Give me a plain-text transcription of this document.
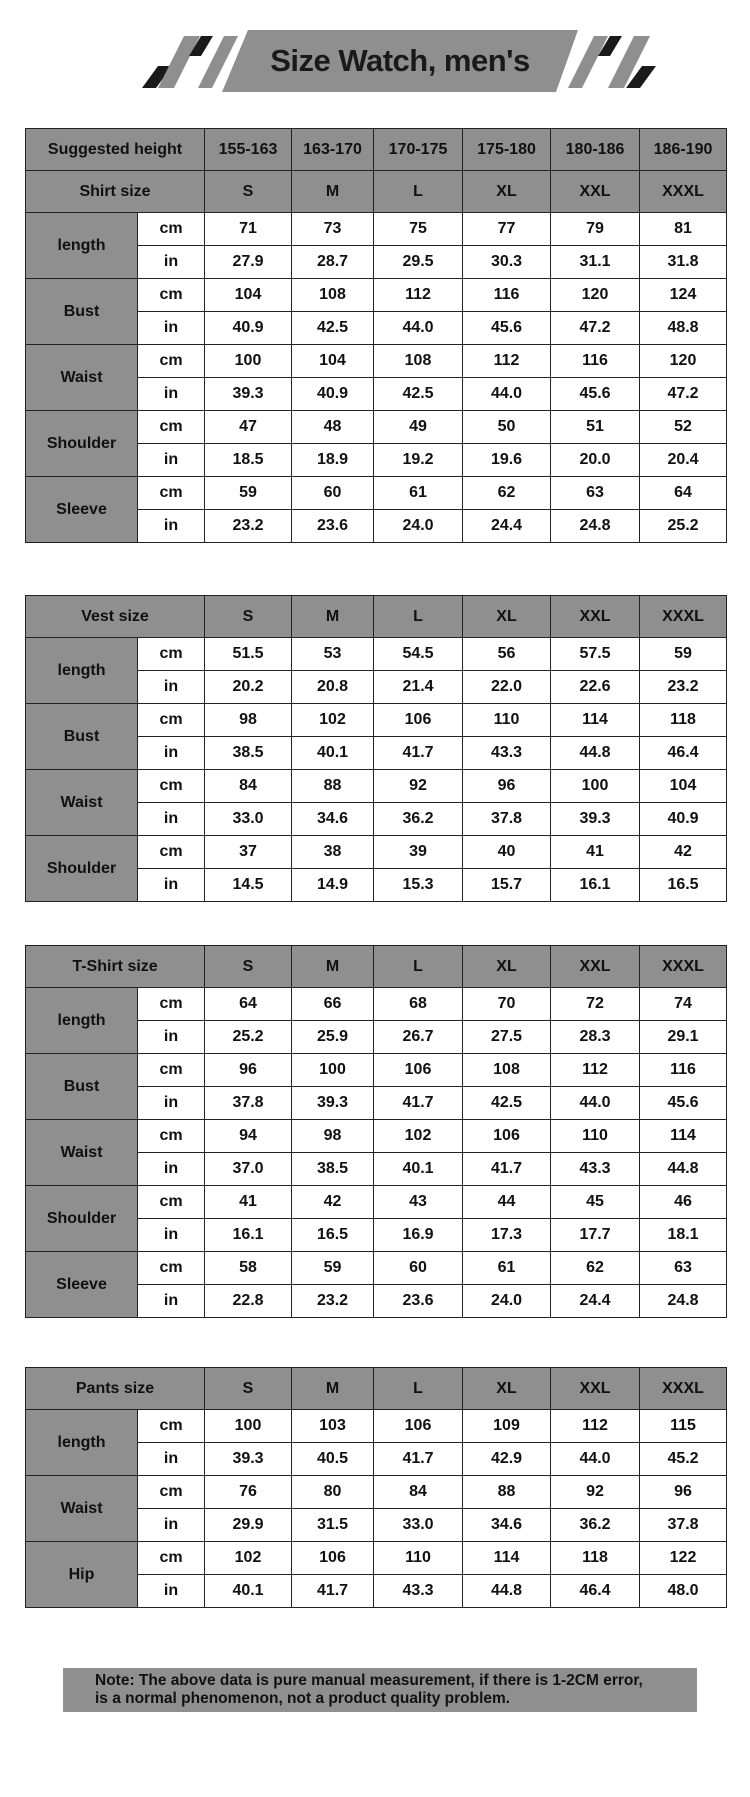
Size Watch, men's
Suggested height		155-163	163-170	170-175	175-180	180-186	186-190
Shirt size		S	M	L	XL	XXL	XXXL
length	cm	71	73	75	77	79	81
	in	27.9	28.7	29.5	30.3	31.1	31.8
Bust	cm	104	108	112	116	120	124
	in	40.9	42.5	44.0	45.6	47.2	48.8
Waist	cm	100	104	108	112	116	120
	in	39.3	40.9	42.5	44.0	45.6	47.2
Shoulder	cm	47	48	49	50	51	52
	in	18.5	18.9	19.2	19.6	20.0	20.4
Sleeve	cm	59	60	61	62	63	64
	in	23.2	23.6	24.0	24.4	24.8	25.2
Vest size		S	M	L	XL	XXL	XXXL
length	cm	51.5	53	54.5	56	57.5	59
	in	20.2	20.8	21.4	22.0	22.6	23.2
Bust	cm	98	102	106	110	114	118
	in	38.5	40.1	41.7	43.3	44.8	46.4
Waist	cm	84	88	92	96	100	104
	in	33.0	34.6	36.2	37.8	39.3	40.9
Shoulder	cm	37	38	39	40	41	42
	in	14.5	14.9	15.3	15.7	16.1	16.5
T-Shirt size		S	M	L	XL	XXL	XXXL
length	cm	64	66	68	70	72	74
	in	25.2	25.9	26.7	27.5	28.3	29.1
Bust	cm	96	100	106	108	112	116
	in	37.8	39.3	41.7	42.5	44.0	45.6
Waist	cm	94	98	102	106	110	114
	in	37.0	38.5	40.1	41.7	43.3	44.8
Shoulder	cm	41	42	43	44	45	46
	in	16.1	16.5	16.9	17.3	17.7	18.1
Sleeve	cm	58	59	60	61	62	63
	in	22.8	23.2	23.6	24.0	24.4	24.8
Pants size		S	M	L	XL	XXL	XXXL
length	cm	100	103	106	109	112	115
	in	39.3	40.5	41.7	42.9	44.0	45.2
Waist	cm	76	80	84	88	92	96
	in	29.9	31.5	33.0	34.6	36.2	37.8
Hip	cm	102	106	110	114	118	122
	in	40.1	41.7	43.3	44.8	46.4	48.0
Note: The above data is pure manual measurement, if there is 1-2CM error,
is a normal phenomenon, not a product quality problem.
